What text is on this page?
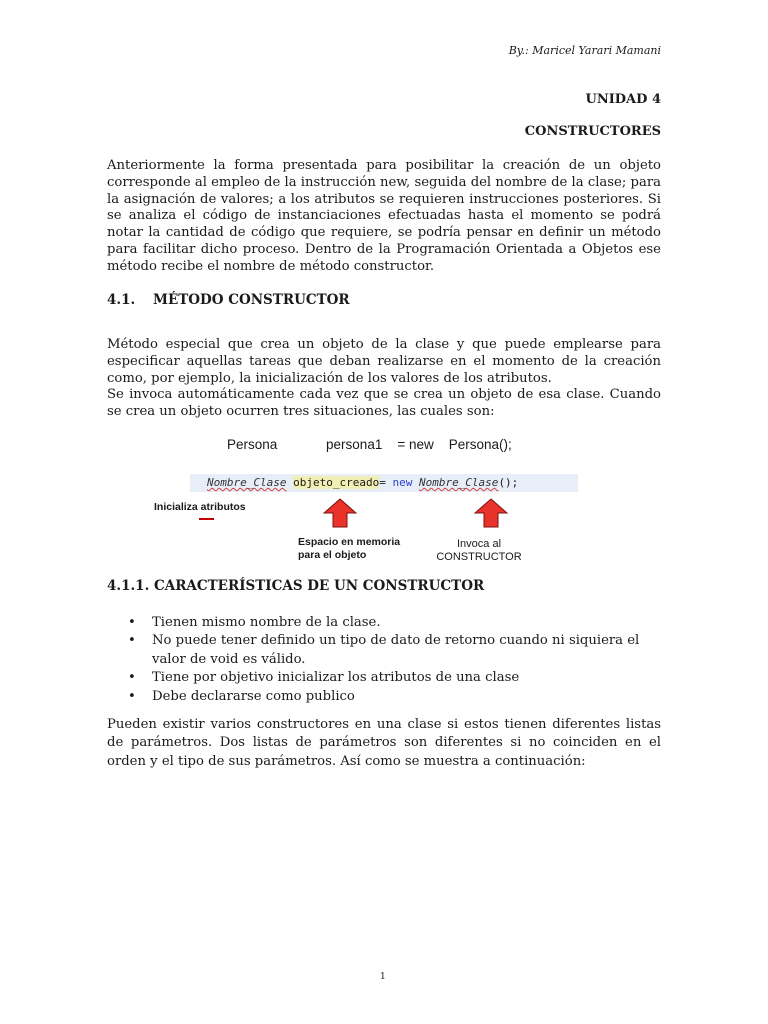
By.: Maricel Yarari Mamani
UNIDAD 4
CONSTRUCTORES

Anteriormente la forma presentada para posibilitar la creación de un objeto corresponde al empleo de la instrucción new, seguida del nombre de la clase; para la asignación de valores; a los atributos se requieren instrucciones posteriores. Si se analiza el código de instanciaciones efectuadas hasta el momento se podrá notar la cantidad de código que requiere, se podría pensar en definir un método para facilitar dicho proceso. Dentro de la Programación Orientada a Objetos ese método recibe el nombre de método constructor.

4.1. MÉTODO CONSTRUCTOR

Método especial que crea un objeto de la clase y que puede emplearse para especificar aquellas tareas que deban realizarse en el momento de la creación como, por ejemplo, la inicialización de los valores de los atributos.

Se invoca automáticamente cada vez que se crea un objeto de esa clase. Cuando se crea un objeto ocurren tres situaciones, las cuales son:

Persona             persona1    = new    Persona();
Nombre_Clase objeto_creado= new Nombre_Clase();
Inicializa atributos
Espacio en memoria
para el objeto
Invoca al
CONSTRUCTOR
4.1.1. CARACTERÍSTICAS DE UN CONSTRUCTOR
• Tienen mismo nombre de la clase.
• No puede tener definido un tipo de dato de retorno cuando ni siquiera el valor de void es válido.
• Tiene por objetivo inicializar los atributos de una clase
• Debe declararse como publico

Pueden existir varios constructores en una clase si estos tienen diferentes listas de parámetros. Dos listas de parámetros son diferentes si no coinciden en el orden y el tipo de sus parámetros. Así como se muestra a continuación:

1
